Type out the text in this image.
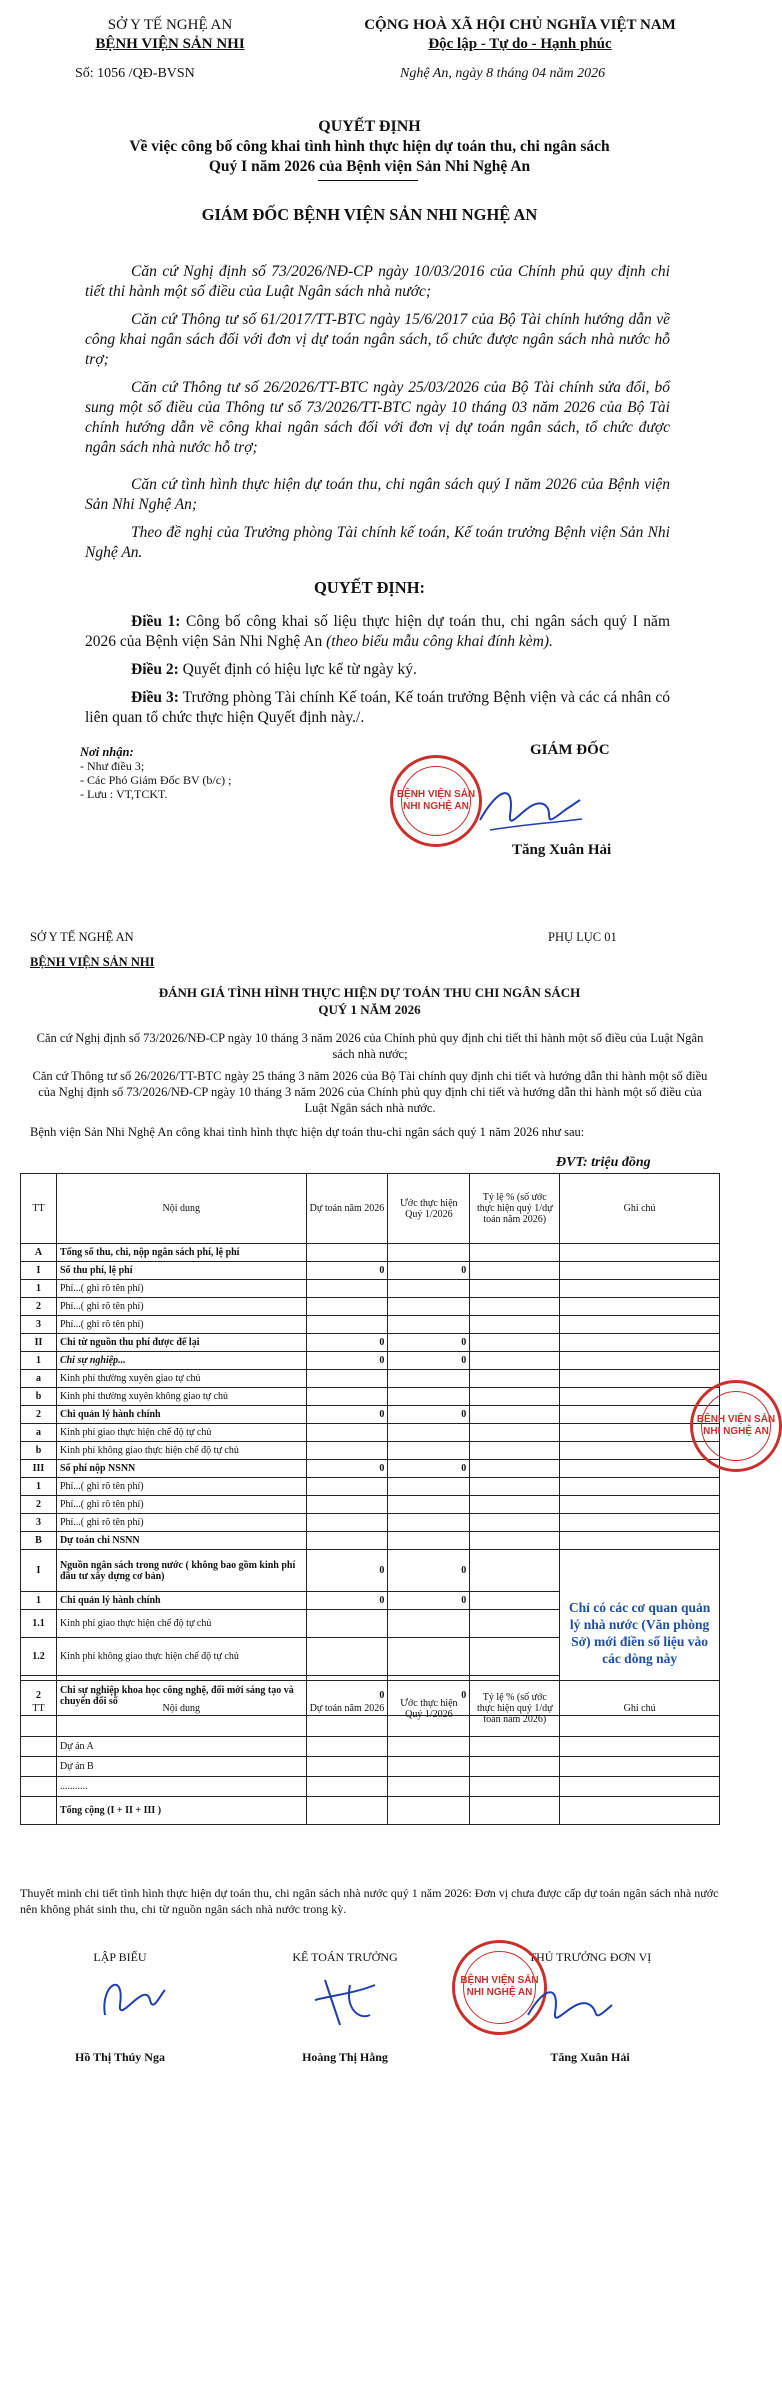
SỞ Y TẾ NGHỆ AN
BỆNH VIỆN SẢN NHI
CỘNG HOÀ XÃ HỘI CHỦ NGHĨA VIỆT NAM
Độc lập - Tự do - Hạnh phúc
Số: 1056 /QĐ-BVSN	Nghệ An, ngày 8 tháng 04 năm 2026
QUYẾT ĐỊNH
Về việc công bố công khai tình hình thực hiện dự toán thu, chi ngân sách
Quý I năm 2026 của Bệnh viện Sản Nhi Nghệ An
GIÁM ĐỐC BỆNH VIỆN SẢN NHI NGHỆ AN
Căn cứ Nghị định số 73/2026/NĐ-CP ngày 10/03/2016 của Chính phủ quy định chi tiết thi hành một số điều của Luật Ngân sách nhà nước;
Căn cứ Thông tư số 61/2017/TT-BTC ngày 15/6/2017 của Bộ Tài chính hướng dẫn về công khai ngân sách đối với đơn vị dự toán ngân sách, tổ chức được ngân sách nhà nước hỗ trợ;
Căn cứ Thông tư số 26/2026/TT-BTC ngày 25/03/2026 của Bộ Tài chính sửa đổi, bổ sung một số điều của Thông tư số 73/2026/TT-BTC ngày 10 tháng 03 năm 2026 của Bộ Tài chính hướng dẫn về công khai ngân sách đối với đơn vị dự toán ngân sách, tổ chức được ngân sách nhà nước hỗ trợ;
Căn cứ tình hình thực hiện dự toán thu, chi ngân sách quý I năm 2026 của Bệnh viện Sản Nhi Nghệ An;
Theo đề nghị của Trưởng phòng Tài chính kế toán, Kế toán trưởng Bệnh viện Sản Nhi Nghệ An.
QUYẾT ĐỊNH:
Điều 1: Công bố công khai số liệu thực hiện dự toán thu, chi ngân sách quý I năm 2026 của Bệnh viện Sản Nhi Nghệ An (theo biểu mẫu công khai đính kèm).
Điều 2: Quyết định có hiệu lực kể từ ngày ký.
Điều 3: Trưởng phòng Tài chính Kế toán, Kế toán trưởng Bệnh viện và các cá nhân có liên quan tổ chức thực hiện Quyết định này./.
Nơi nhận:
- Như điều 3;
- Các Phó Giám Đốc BV (b/c) ;
- Lưu : VT,TCKT.
GIÁM ĐỐC
BỆNH VIỆN SẢN NHI NGHỆ AN
Tăng Xuân Hải
SỞ Y TẾ NGHỆ AN	PHỤ LỤC 01
BỆNH VIỆN SẢN NHI
ĐÁNH GIÁ TÌNH HÌNH THỰC HIỆN DỰ TOÁN THU CHI NGÂN SÁCH
QUÝ 1 NĂM 2026
Căn cứ Nghị định số 73/2026/NĐ-CP ngày 10 tháng 3 năm 2026 của Chính phủ quy định chi tiết thi hành một số điều của Luật Ngân sách nhà nước;
Căn cứ Thông tư số 26/2026/TT-BTC ngày 25 tháng 3 năm 2026 của Bộ Tài chính quy định chi tiết và hướng dẫn thi hành một số điều của Nghị định số 73/2026/NĐ-CP ngày 10 tháng 3 năm 2026 của Chính phủ quy định chi tiết và hướng dẫn thi hành một số điều của Luật Ngân sách nhà nước.
Bệnh viện Sản Nhi Nghệ An công khai tình hình thực hiện dự toán thu-chi ngân sách quý 1 năm 2026 như sau:
ĐVT: triệu đồng
TT	Nội dung	Dự toán năm 2026	Ước thực hiện Quý 1/2026	Tỷ lệ % (số ước thực hiện quý 1/dự toán năm 2026)	Ghi chú
A	Tổng số thu, chi, nộp ngân sách phí, lệ phí				
I	Số thu phí, lệ phí	0	0		
1	Phí...( ghi rõ tên phí)				
2	Phí...( ghi rõ tên phí)				
3	Phí...( ghi rõ tên phí)				
II	Chi từ nguồn thu phí được để lại	0	0		
1	Chi sự nghiệp...	0	0		
a	Kinh phí thường xuyên giao tự chủ				
b	Kinh phí thường xuyên không giao tự chủ				
2	Chi quản lý hành chính	0	0		
a	Kinh phí giao thực hiện chế độ tự chủ				
b	Kinh phí không giao thực hiện chế độ tự chủ				
III	Số phí nộp NSNN	0	0		
1	Phí...( ghi rõ tên phí)				
2	Phí...( ghi rõ tên phí)				
3	Phí...( ghi rõ tên phí)				
B	Dự toán chi NSNN				
I	Nguồn ngân sách trong nước ( không bao gồm kinh phí đầu tư xây dựng cơ bản)	0	0		Chỉ có các cơ quan quản lý nhà nước (Văn phòng Sở) mới điền số liệu vào các dòng này
1	Chi quản lý hành chính	0	0		
1.1	Kinh phí giao thực hiện chế độ tự chủ				
1.2	Kinh phí không giao thực hiện chế độ tự chủ				
2	Chi sự nghiệp khoa học công nghệ, đổi mới sáng tạo và chuyển đổi số	0	0		
TT	Nội dung	Dự toán năm 2026	Ước thực hiện Quý 1/2026	Tỷ lệ % (số ước thực hiện quý 1/dự toán năm 2026)	Ghi chú
	Dự án A				
	Dự án B				
	...........				
	Tổng cộng (I + II + III )				
Thuyết minh chi tiết tình hình thực hiện dự toán thu, chi ngân sách nhà nước quý 1 năm 2026: Đơn vị chưa được cấp dự toán ngân sách nhà nước nên không phát sinh thu, chi từ nguồn ngân sách nhà nước trong kỳ.
LẬP BIỂU	KẾ TOÁN TRƯỞNG	THỦ TRƯỞNG ĐƠN VỊ
BỆNH VIỆN SẢN NHI NGHỆ AN
Hồ Thị Thúy Nga	Hoàng Thị Hằng	Tăng Xuân Hải
BỆNH VIỆN SẢN NHI NGHỆ AN
